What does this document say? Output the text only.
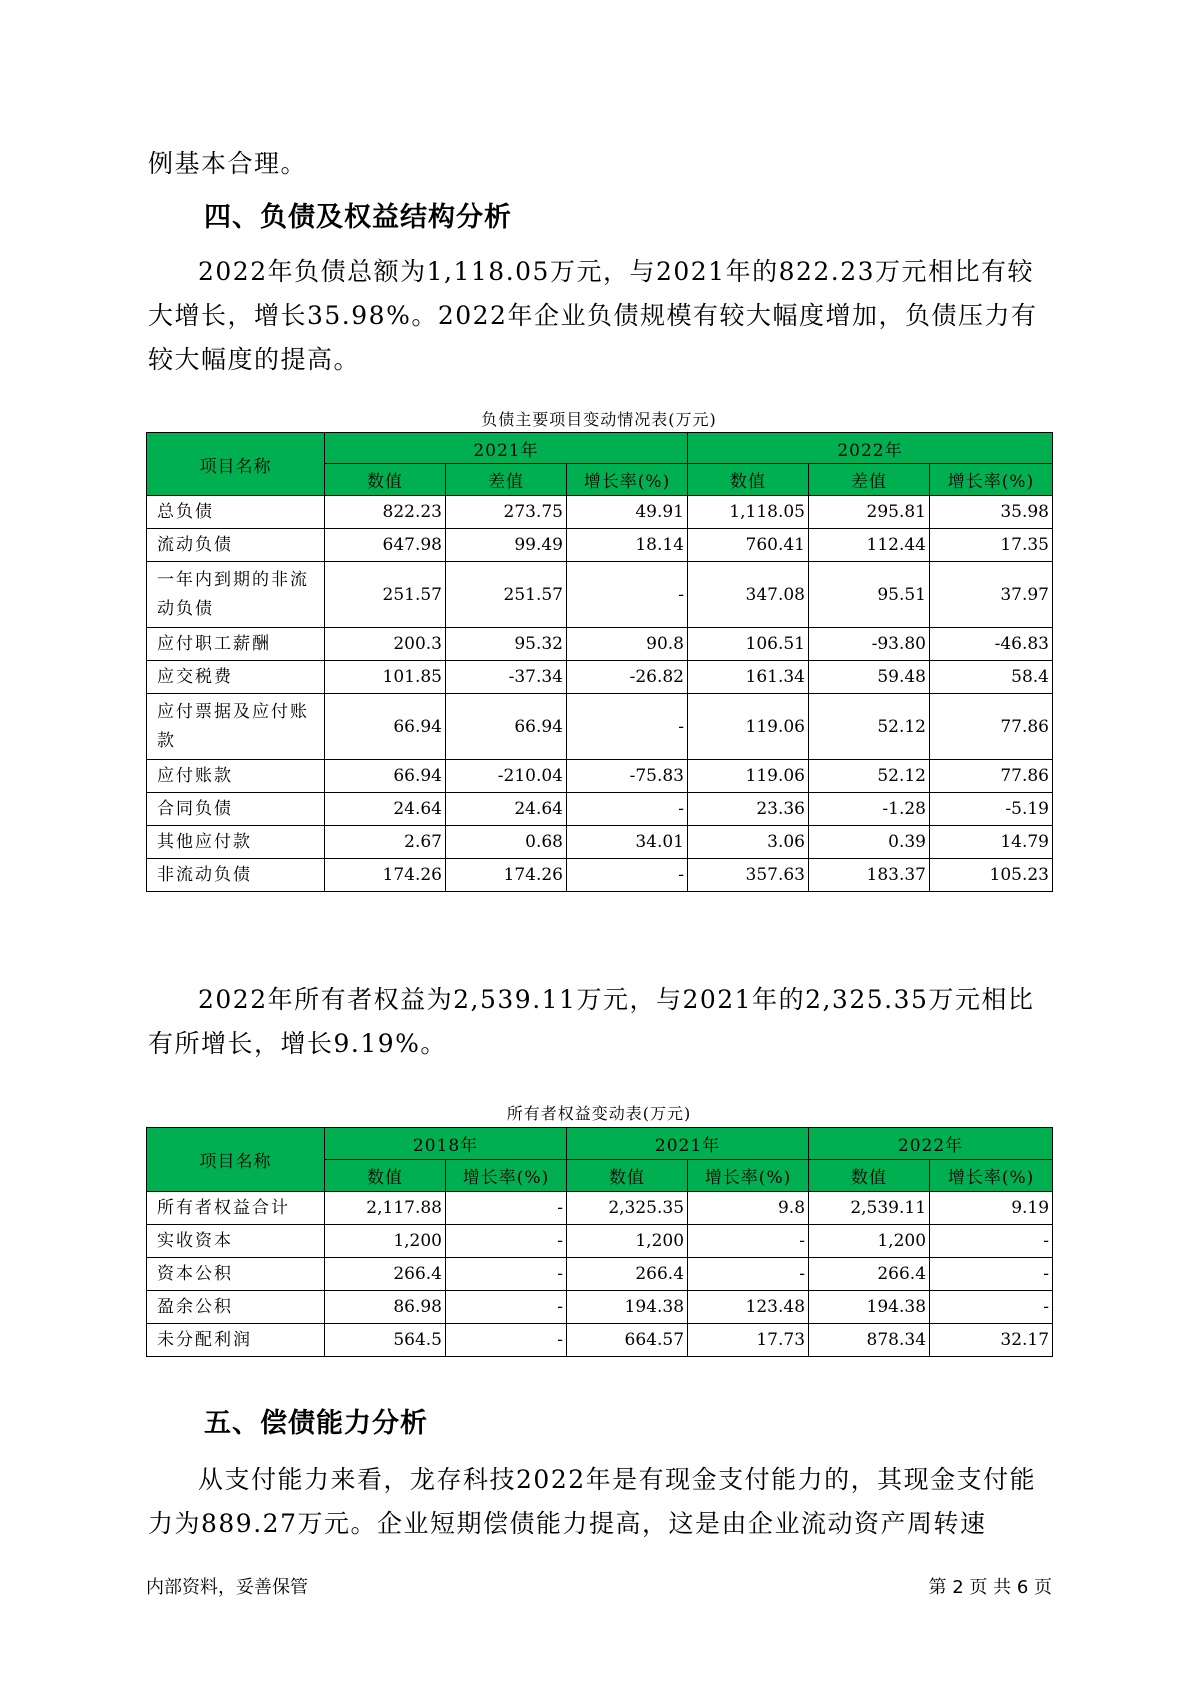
例基本合理。

四、负债及权益结构分析

2022年负债总额为1,118.05万元，与2021年的822.23万元相比有较大增长，增长35.98%。2022年企业负债规模有较大幅度增加，负债压力有较大幅度的提高。

负债主要项目变动情况表(万元)

项目名称	2021年			2022年		
	数值	差值	增长率(%)	数值	差值	增长率(%)
总负债	822.23	273.75	49.91	1,118.05	295.81	35.98
流动负债	647.98	99.49	18.14	760.41	112.44	17.35
一年内到期的非流动负债	251.57	251.57	-	347.08	95.51	37.97
应付职工薪酬	200.3	95.32	90.8	106.51	-93.80	-46.83
应交税费	101.85	-37.34	-26.82	161.34	59.48	58.4
应付票据及应付账款	66.94	66.94	-	119.06	52.12	77.86
应付账款	66.94	-210.04	-75.83	119.06	52.12	77.86
合同负债	24.64	24.64	-	23.36	-1.28	-5.19
其他应付款	2.67	0.68	34.01	3.06	0.39	14.79
非流动负债	174.26	174.26	-	357.63	183.37	105.23

2022年所有者权益为2,539.11万元，与2021年的2,325.35万元相比有所增长，增长9.19%。

所有者权益变动表(万元)

项目名称	2018年		2021年		2022年	
	数值	增长率(%)	数值	增长率(%)	数值	增长率(%)
所有者权益合计	2,117.88	-	2,325.35	9.8	2,539.11	9.19
实收资本	1,200	-	1,200	-	1,200	-
资本公积	266.4	-	266.4	-	266.4	-
盈余公积	86.98	-	194.38	123.48	194.38	-
未分配利润	564.5	-	664.57	17.73	878.34	32.17
五、偿债能力分析

从支付能力来看，龙存科技2022年是有现金支付能力的，其现金支付能力为889.27万元。企业短期偿债能力提高，这是由企业流动资产周转速

内部资料，妥善保管	第 2 页 共 6 页
